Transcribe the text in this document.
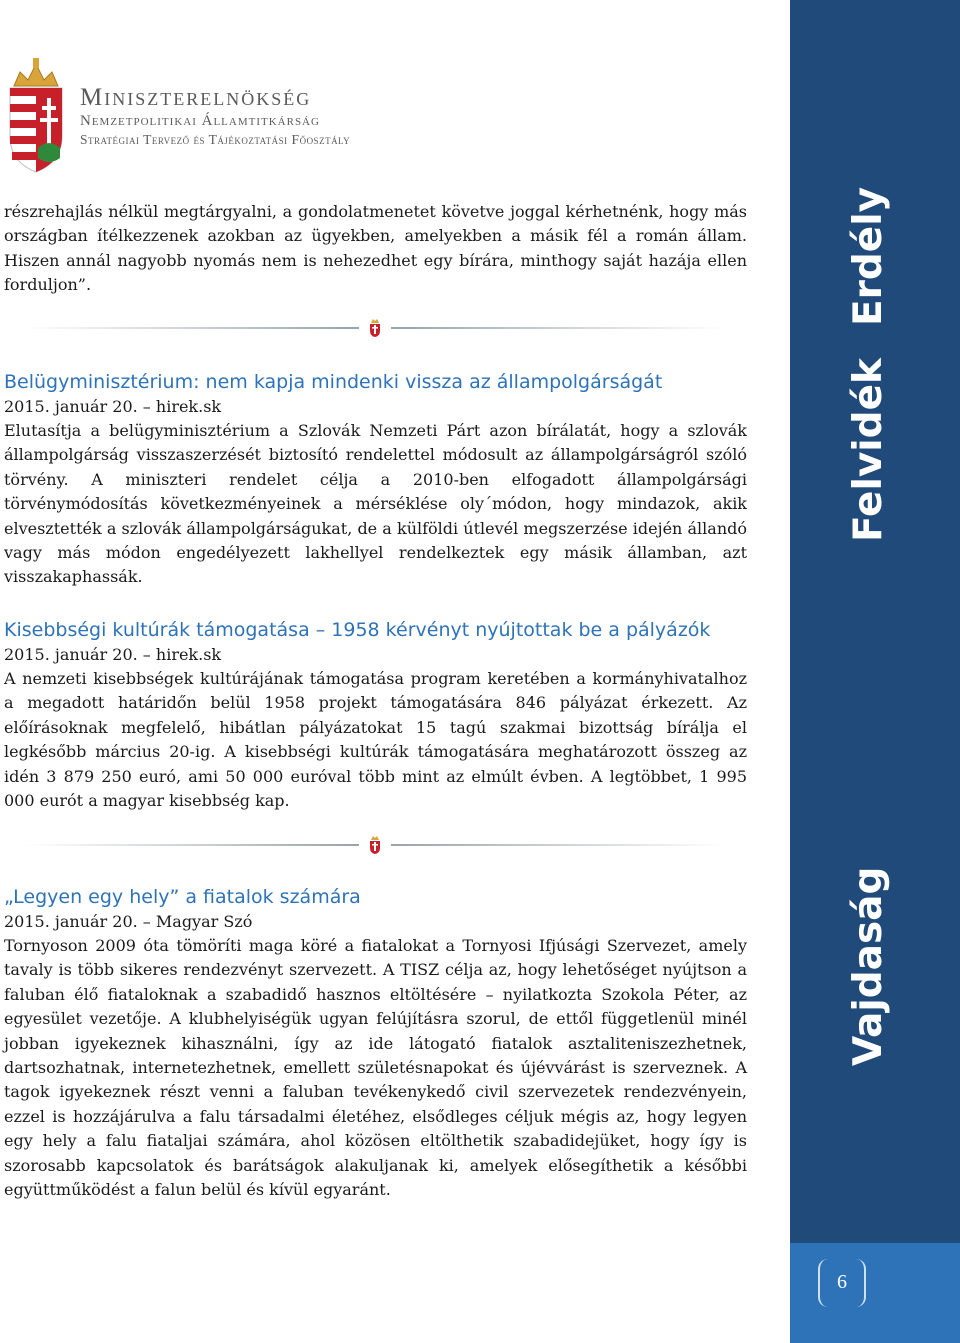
Miniszterelnökség
Nemzetpolitikai Államtitkárság
Stratégiai Tervező és Tájékoztatási Főosztály
részrehajlás nélkül megtárgyalni, a gondolatmenetet követve joggal kérhetnénk, hogy más országban ítélkezzenek azokban az ügyekben, amelyekben a másik fél a román állam. Hiszen annál nagyobb nyomás nem is nehezedhet egy bírára, minthogy saját hazája ellen forduljon”.
Belügyminisztérium: nem kapja mindenki vissza az állampolgárságát
2015. január 20. – hirek.sk
Elutasítja a belügyminisztérium a Szlovák Nemzeti Párt azon bírálatát, hogy a szlovák állampolgárság visszaszerzését biztosító rendelettel módosult az állampolgárságról szóló törvény. A miniszteri rendelet célja a 2010-ben elfogadott állampolgársági törvénymódosítás következményeinek a mérséklése oly´módon, hogy mindazok, akik elvesztették a szlovák állampolgárságukat, de a külföldi útlevél megszerzése idején állandó vagy más módon engedélyezett lakhellyel rendelkeztek egy másik államban, azt visszakaphassák.
Kisebbségi kultúrák támogatása – 1958 kérvényt nyújtottak be a pályázók
2015. január 20. – hirek.sk
A nemzeti kisebbségek kultúrájának támogatása program keretében a kormányhivatalhoz a megadott határidőn belül 1958 projekt támogatására 846 pályázat érkezett. Az előírásoknak megfelelő, hibátlan pályázatokat 15 tagú szakmai bizottság bírálja el legkésőbb március 20-ig. A kisebbségi kultúrák támogatására meghatározott összeg az idén 3 879 250 euró, ami 50 000 euróval több mint az elmúlt évben. A legtöbbet, 1 995 000 eurót a magyar kisebbség kap.
„Legyen egy hely” a fiatalok számára
2015. január 20. – Magyar Szó
Tornyoson 2009 óta tömöríti maga köré a fiatalokat a Tornyosi Ifjúsági Szervezet, amely tavaly is több sikeres rendezvényt szervezett. A TISZ célja az, hogy lehetőséget nyújtson a faluban élő fiataloknak a szabadidő hasznos eltöltésére – nyilatkozta Szokola Péter, az egyesület vezetője. A klubhelyiségük ugyan felújításra szorul, de ettől függetlenül minél jobban igyekeznek kihasználni, így az ide látogató fiatalok asztaliteniszezhetnek, dartsozhatnak, internetezhetnek, emellett születésnapokat és újévvárást is szerveznek. A tagok igyekeznek részt venni a faluban tevékenykedő civil szervezetek rendezvényein, ezzel is hozzájárulva a falu társadalmi életéhez, elsődleges céljuk mégis az, hogy legyen egy hely a falu fiataljai számára, ahol közösen eltölthetik szabadidejüket, hogy így is szorosabb kapcsolatok és barátságok alakuljanak ki, amelyek elősegíthetik a későbbi együttműködést a falun belül és kívül egyaránt.
Erdély
Felvidék
Vajdaság
6
